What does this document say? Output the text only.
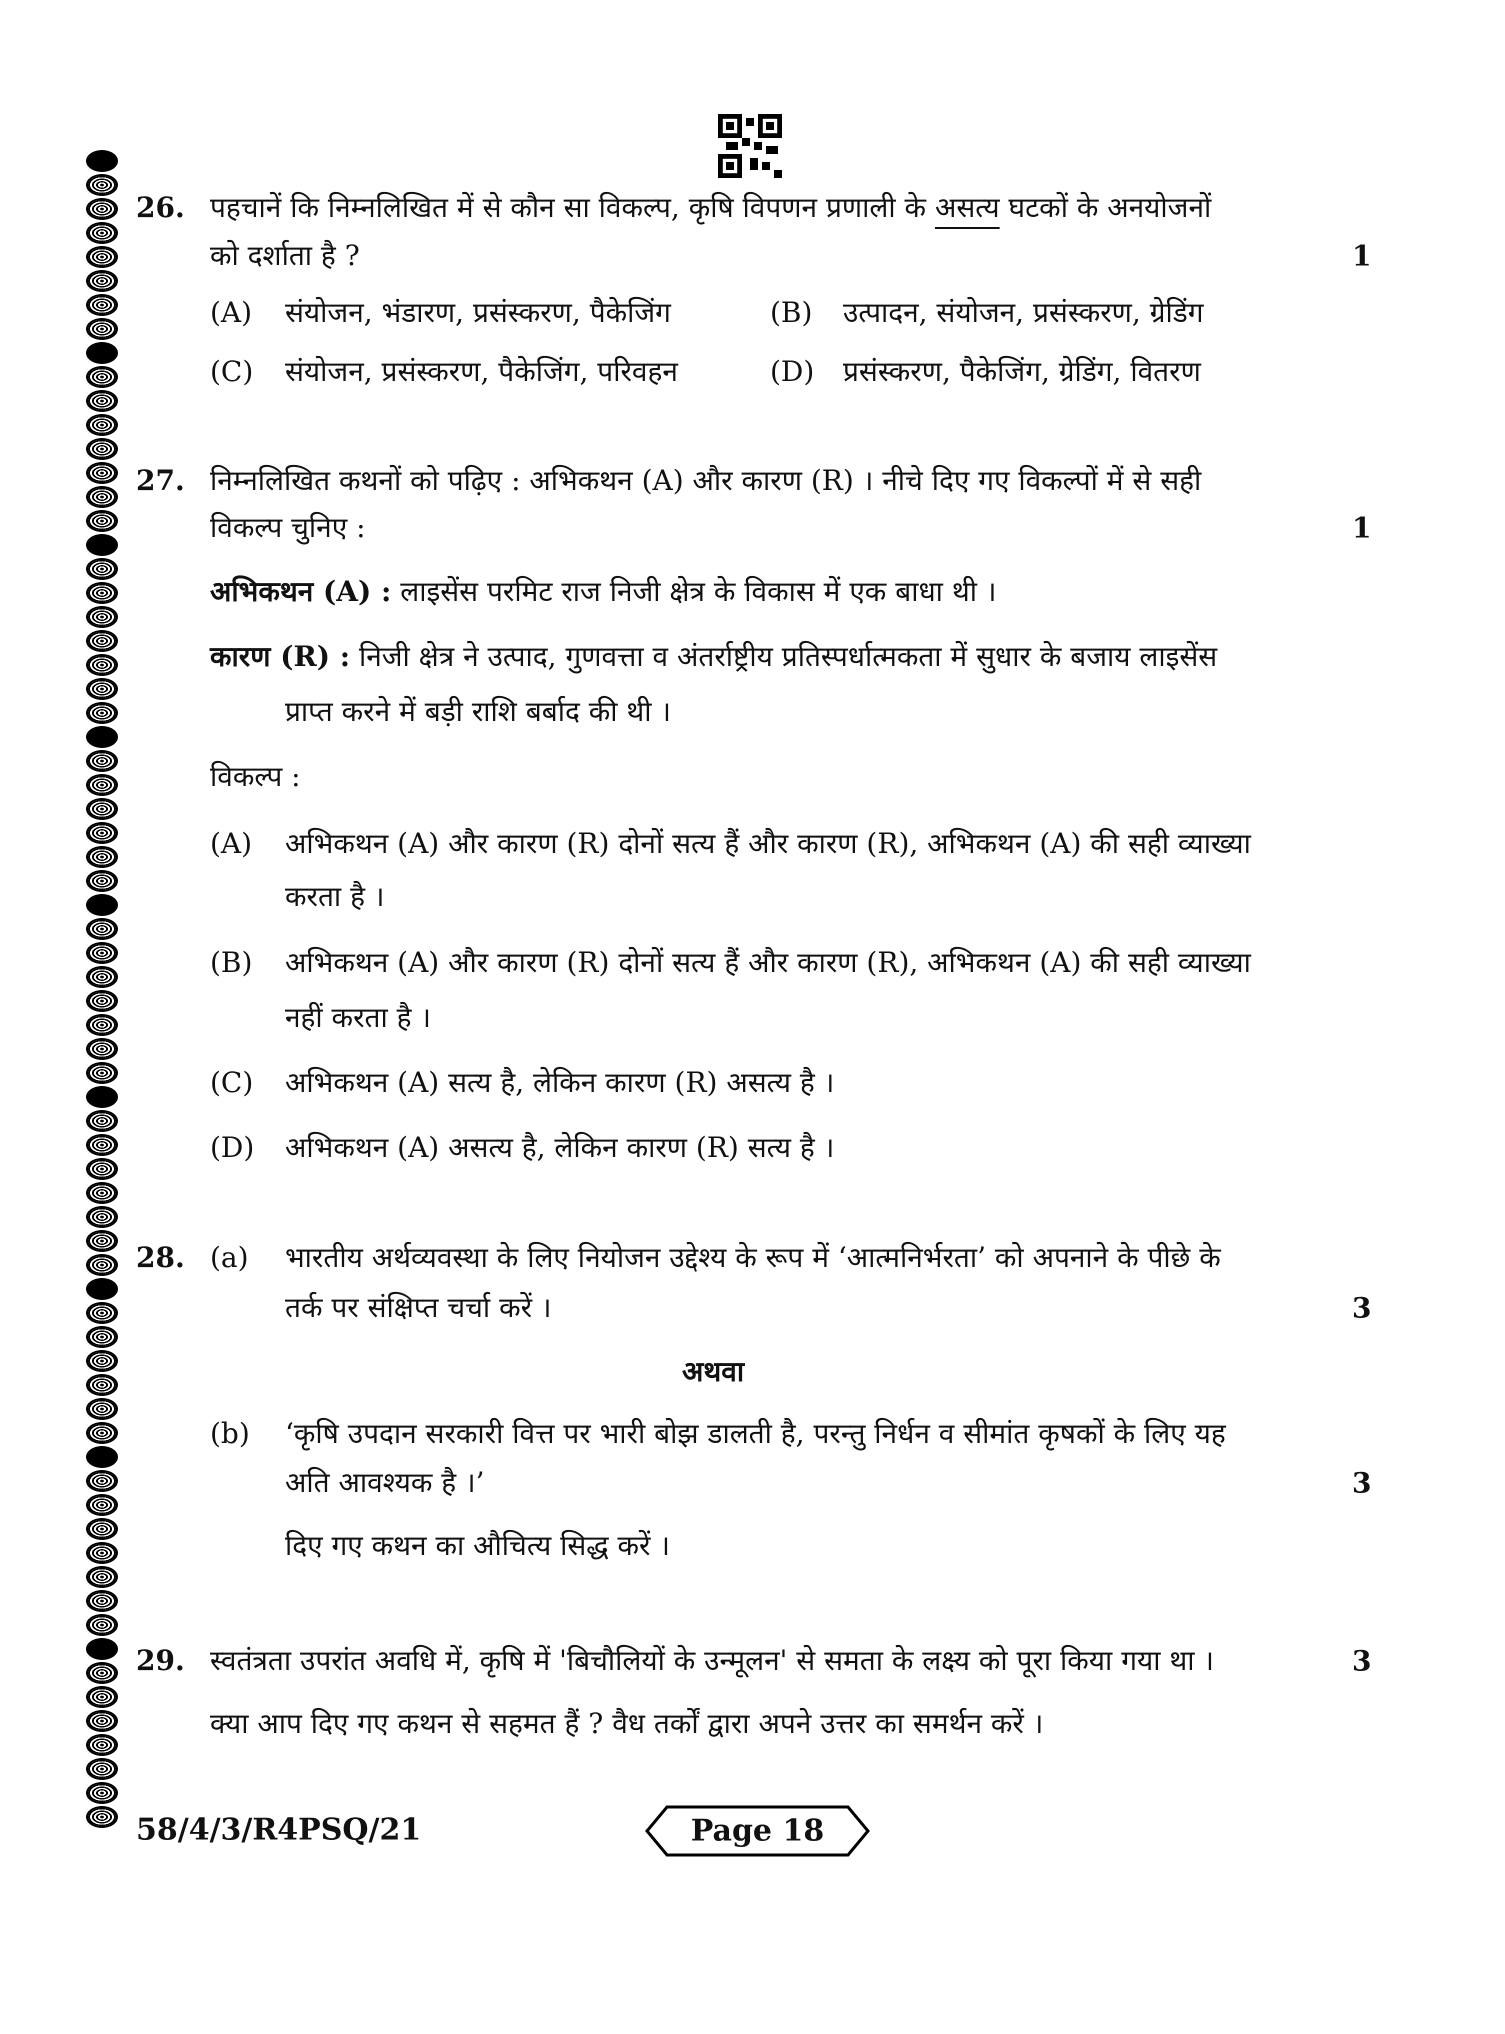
26. पहचानें कि निम्नलिखित में से कौन सा विकल्प, कृषि विपणन प्रणाली के असत्य घटकों के अनयोजनों
को दर्शाता है ?	1
(A) संयोजन, भंडारण, प्रसंस्करण, पैकेजिंग	(B) उत्पादन, संयोजन, प्रसंस्करण, ग्रेडिंग
(C) संयोजन, प्रसंस्करण, पैकेजिंग, परिवहन	(D) प्रसंस्करण, पैकेजिंग, ग्रेडिंग, वितरण
27. निम्नलिखित कथनों को पढ़िए : अभिकथन (A) और कारण (R) । नीचे दिए गए विकल्पों में से सही
विकल्प चुनिए :	1
अभिकथन (A) : लाइसेंस परमिट राज निजी क्षेत्र के विकास में एक बाधा थी ।
कारण (R) : निजी क्षेत्र ने उत्पाद, गुणवत्ता व अंतर्राष्ट्रीय प्रतिस्पर्धात्मकता में सुधार के बजाय लाइसेंस
प्राप्त करने में बड़ी राशि बर्बाद की थी ।
विकल्प :
(A) अभिकथन (A) और कारण (R) दोनों सत्य हैं और कारण (R), अभिकथन (A) की सही व्याख्या
करता है ।
(B) अभिकथन (A) और कारण (R) दोनों सत्य हैं और कारण (R), अभिकथन (A) की सही व्याख्या
नहीं करता है ।
(C) अभिकथन (A) सत्य है, लेकिन कारण (R) असत्य है ।
(D) अभिकथन (A) असत्य है, लेकिन कारण (R) सत्य है ।
28. (a) भारतीय अर्थव्यवस्था के लिए नियोजन उद्देश्य के रूप में ‘आत्मनिर्भरता’ को अपनाने के पीछे के
तर्क पर संक्षिप्त चर्चा करें ।	3
अथवा
(b) ‘कृषि उपदान सरकारी वित्त पर भारी बोझ डालती है, परन्तु निर्धन व सीमांत कृषकों के लिए यह
अति आवश्यक है ।’	3
दिए गए कथन का औचित्य सिद्ध करें ।
29. स्वतंत्रता उपरांत अवधि में, कृषि में 'बिचौलियों के उन्मूलन' से समता के लक्ष्य को पूरा किया गया था ।	3
क्या आप दिए गए कथन से सहमत हैं ? वैध तर्कों द्वारा अपने उत्तर का समर्थन करें ।
58/4/3/R4PSQ/21	Page 18
